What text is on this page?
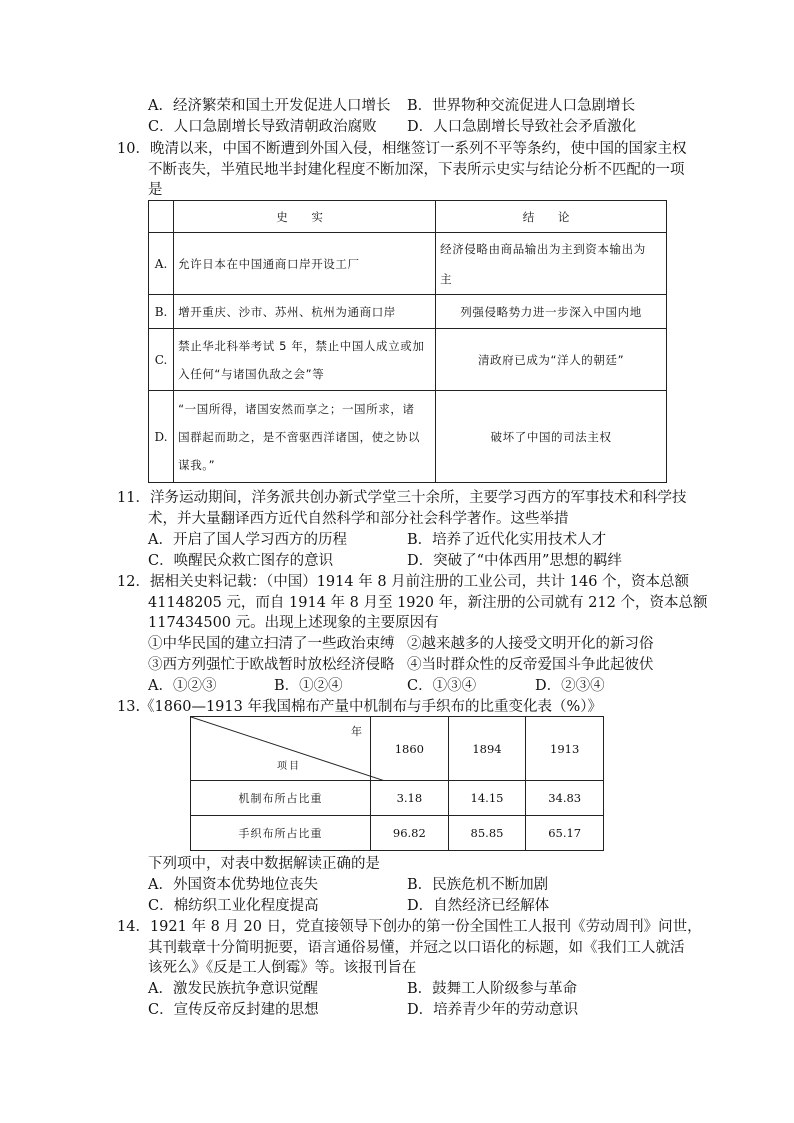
A．经济繁荣和国土开发促进人口增长 B．世界物种交流促进人口急剧增长
C．人口急剧增长导致清朝政治腐败 D．人口急剧增长导致社会矛盾激化
10．晚清以来，中国不断遭到外国入侵，相继签订一系列不平等条约，使中国的国家主权
不断丧失，半殖民地半封建化程度不断加深，下表所示史实与结论分析不匹配的一项
是
	史 实	结 论
A.	允许日本在中国通商口岸开设工厂	经济侵略由商品输出为主到资本输出为
主

B.	增开重庆、沙市、苏州、杭州为通商口岸	列强侵略势力进一步深入中国内地

C.	禁止华北科举考试 5 年，禁止中国人成立或加
入任何“与诸国仇敌之会”等	清政府已成为“洋人的朝廷”

D.	“一国所得，诸国安然而享之；一国所求，诸
国群起而助之，是不啻驱西洋诸国，使之协以
谋我。”	破坏了中国的司法主权
11．洋务运动期间，洋务派共创办新式学堂三十余所，主要学习西方的军事技术和科学技
术，并大量翻译西方近代自然科学和部分社会科学著作。这些举措
A．开启了国人学习西方的历程	B．培养了近代化实用技术人才
C．唤醒民众救亡图存的意识	D．突破了“中体西用”思想的羁绊
12．据相关史料记载：（中国）1914 年 8 月前注册的工业公司，共计 146 个，资本总额
41148205 元，而自 1914 年 8 月至 1920 年，新注册的公司就有 212 个，资本总额
117434500 元。出现上述现象的主要原因有
①中华民国的建立扫清了一些政治束缚 ②越来越多的人接受文明开化的新习俗
③西方列强忙于欧战暂时放松经济侵略 ④当时群众性的反帝爱国斗争此起彼伏
A．①②③	B．①②④	C．①③④	D．②③④
13.《1860—1913 年我国棉布产量中机制布与手织布的比重变化表（%）》
年
项目	1860	1894	1913
机制布所占比重	3.18	14.15	34.83
手织布所占比重	96.82	85.85	65.17
下列项中，对表中数据解读正确的是
A．外国资本优势地位丧失	B．民族危机不断加剧
C．棉纺织工业化程度提高	D．自然经济已经解体
14．1921 年 8 月 20 日，党直接领导下创办的第一份全国性工人报刊《劳动周刊》问世，
其刊载章十分简明扼要，语言通俗易懂，并冠之以口语化的标题，如《我们工人就活
该死么》《反是工人倒霉》等。该报刊旨在
A．激发民族抗争意识觉醒	B．鼓舞工人阶级参与革命
C．宣传反帝反封建的思想	D．培养青少年的劳动意识
